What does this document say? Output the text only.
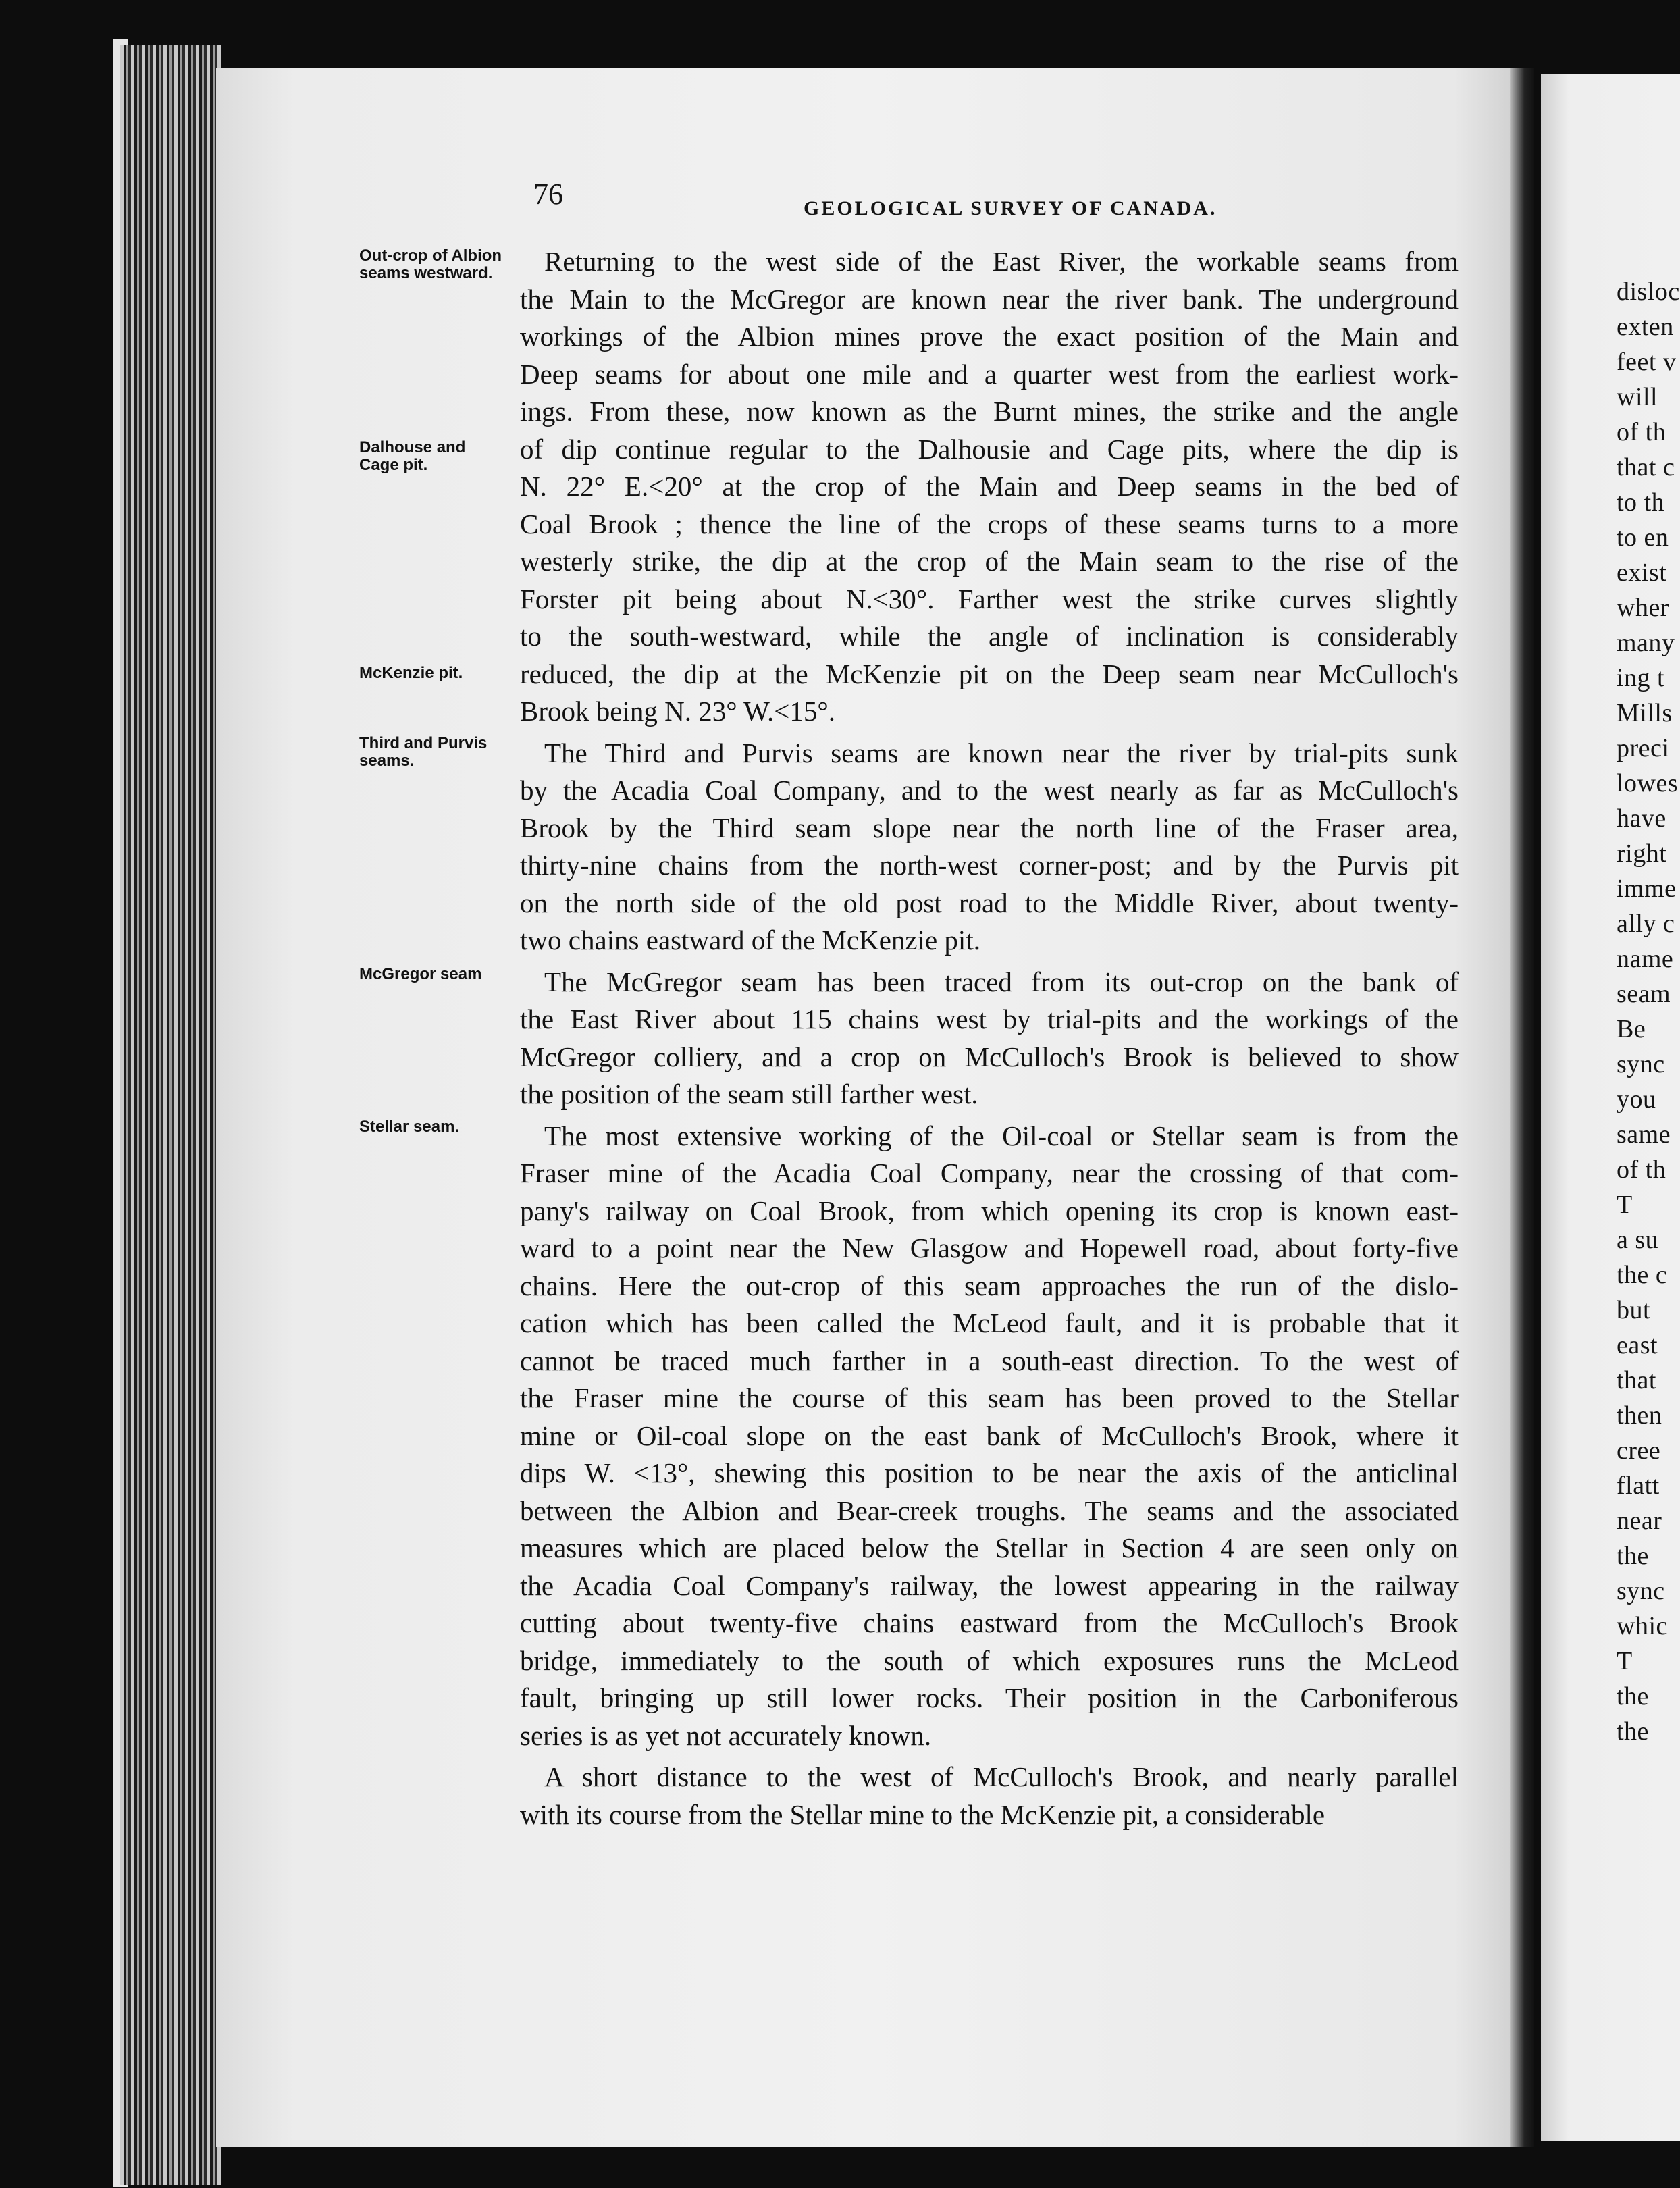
disloc
exten
feet v
will
of th
that c
to th
to en
exist
wher
many
ing t
Mills
preci
lowes
have
right
imme
ally c
name
seam
Be
sync
you
same
of th
T
a su
the c
but
east
that
then
cree
flatt
near
the
sync
whic
T
the
the
76	GEOLOGICAL SURVEY OF CANADA.
Out-crop of Albion seams westward.
Dalhouse and Cage pit.
McKenzie pit.
Third and Purvis seams.
McGregor seam
Stellar seam.
Returning to the west side of the East River, the workable seams from
the Main to the McGregor are known near the river bank. The underground
workings of the Albion mines prove the exact position of the Main and
Deep seams for about one mile and a quarter west from the earliest work-
ings. From these, now known as the Burnt mines, the strike and the angle
of dip continue regular to the Dalhousie and Cage pits, where the dip is
N. 22° E.<20° at the crop of the Main and Deep seams in the bed of
Coal Brook ; thence the line of the crops of these seams turns to a more
westerly strike, the dip at the crop of the Main seam to the rise of the
Forster pit being about N.<30°. Farther west the strike curves slightly
to the south-westward, while the angle of inclination is considerably
reduced, the dip at the McKenzie pit on the Deep seam near McCulloch's
Brook being N. 23° W.<15°.
The Third and Purvis seams are known near the river by trial-pits sunk
by the Acadia Coal Company, and to the west nearly as far as McCulloch's
Brook by the Third seam slope near the north line of the Fraser area,
thirty-nine chains from the north-west corner-post; and by the Purvis pit
on the north side of the old post road to the Middle River, about twenty-
two chains eastward of the McKenzie pit.
The McGregor seam has been traced from its out-crop on the bank of
the East River about 115 chains west by trial-pits and the workings of the
McGregor colliery, and a crop on McCulloch's Brook is believed to show
the position of the seam still farther west.
The most extensive working of the Oil-coal or Stellar seam is from the
Fraser mine of the Acadia Coal Company, near the crossing of that com-
pany's railway on Coal Brook, from which opening its crop is known east-
ward to a point near the New Glasgow and Hopewell road, about forty-five
chains. Here the out-crop of this seam approaches the run of the dislo-
cation which has been called the McLeod fault, and it is probable that it
cannot be traced much farther in a south-east direction. To the west of
the Fraser mine the course of this seam has been proved to the Stellar
mine or Oil-coal slope on the east bank of McCulloch's Brook, where it
dips W. <13°, shewing this position to be near the axis of the anticlinal
between the Albion and Bear-creek troughs. The seams and the associated
measures which are placed below the Stellar in Section 4 are seen only on
the Acadia Coal Company's railway, the lowest appearing in the railway
cutting about twenty-five chains eastward from the McCulloch's Brook
bridge, immediately to the south of which exposures runs the McLeod
fault, bringing up still lower rocks. Their position in the Carboniferous
series is as yet not accurately known.
A short distance to the west of McCulloch's Brook, and nearly parallel
with its course from the Stellar mine to the McKenzie pit, a considerable
